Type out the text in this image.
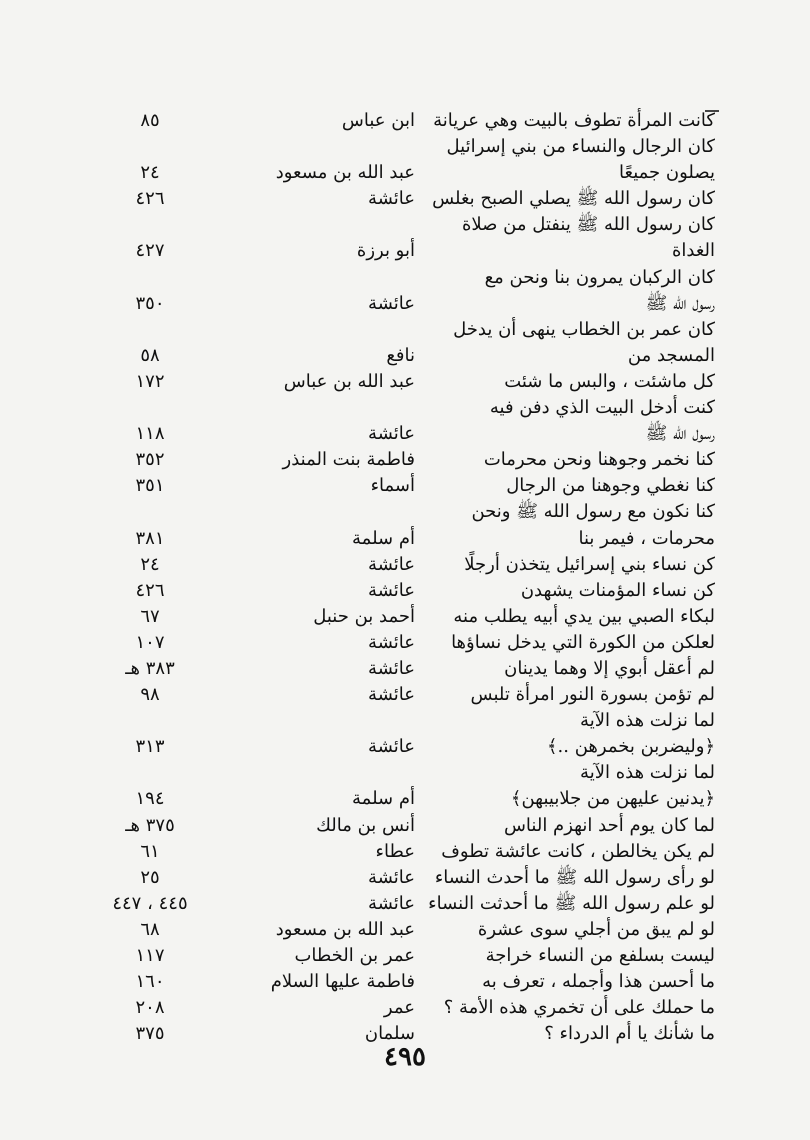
كانت المرأة تطوف بالبيت وهي عريانة
ابن عباس
٨٥
كان الرجال والنساء من بني إسرائيل
يصلون جميعًا
عبد الله بن مسعود
٢٤
كان رسول الله ﷺ يصلي الصبح بغلس
عائشة
٤٢٦
كان رسول الله ﷺ ينفتل من صلاة
الغداة
أبو برزة
٤٢٧
كان الركبان يمرون بنا ونحن مع
رسول الله ﷺ
عائشة
٣٥٠
كان عمر بن الخطاب ينهى أن يدخل
المسجد من
نافع
٥٨
كل ماشئت ، والبس ما شئت
عبد الله بن عباس
١٧٢
كنت أدخل البيت الذي دفن فيه
رسول الله ﷺ
عائشة
١١٨
كنا نخمر وجوهنا ونحن محرمات
فاطمة بنت المنذر
٣٥٢
كنا نغطي وجوهنا من الرجال
أسماء
٣٥١
كنا نكون مع رسول الله ﷺ ونحن
محرمات ، فيمر بنا
أم سلمة
٣٨١
كن نساء بني إسرائيل يتخذن أرجلًا
عائشة
٢٤
كن نساء المؤمنات يشهدن
عائشة
٤٢٦
لبكاء الصبي بين يدي أبيه يطلب منه
أحمد بن حنبل
٦٧
لعلكن من الكورة التي يدخل نساؤها
عائشة
١٠٧
لم أعقل أبوي إلا وهما يدينان
عائشة
٣٨٣ هـ
لم تؤمن بسورة النور امرأة تلبس
عائشة
٩٨
لما نزلت هذه الآية
﴿وليضربن بخمرهن ..﴾
عائشة
٣١٣
لما نزلت هذه الآية
﴿يدنين عليهن من جلابيبهن﴾
أم سلمة
١٩٤
لما كان يوم أحد انهزم الناس
أنس بن مالك
٣٧٥ هـ
لم يكن يخالطن ، كانت عائشة تطوف
عطاء
٦١
لو رأى رسول الله ﷺ ما أحدث النساء
عائشة
٢٥
لو علم رسول الله ﷺ ما أحدثت النساء
عائشة
٤٤٥ ، ٤٤٧
لو لم يبق من أجلي سوى عشرة
عبد الله بن مسعود
٦٨
ليست بسلفع من النساء خراجة
عمر بن الخطاب
١١٧
ما أحسن هذا وأجمله ، تعرف به
فاطمة عليها السلام
١٦٠
ما حملك على أن تخمري هذه الأمة ؟
عمر
٢٠٨
ما شأنك يا أم الدرداء ؟
سلمان
٣٧٥
٤٩٥
